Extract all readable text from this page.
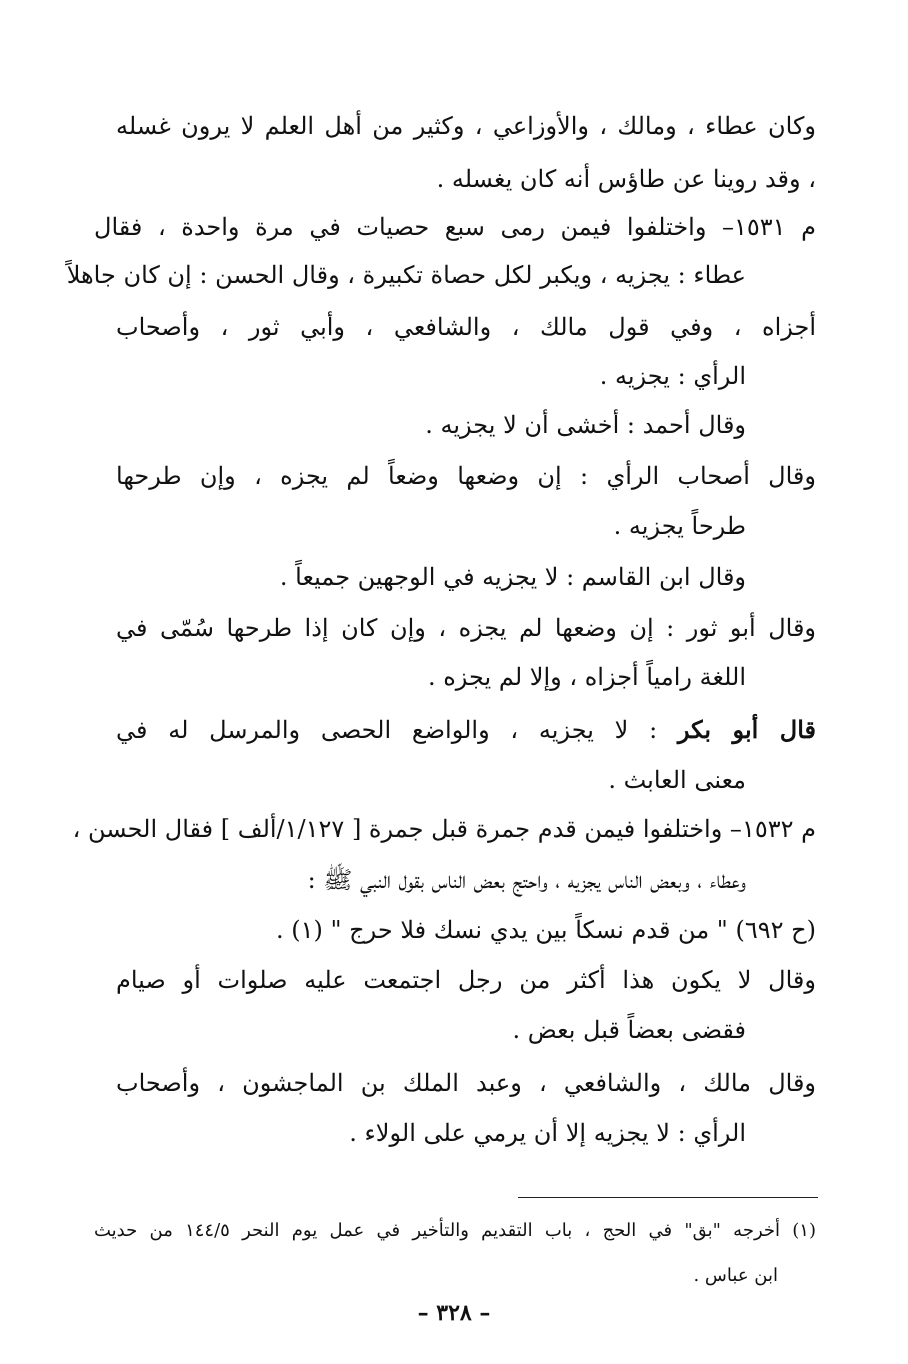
وكان عطاء ، ومالك ، والأوزاعي ، وكثير من أهل العلم لا يرون غسله
، وقد روينا عن طاؤس أنه كان يغسله .
م ١٥٣١– واختلفوا فيمن رمى سبع حصيات في مرة واحدة ، فقال
عطاء : يجزيه ، ويكبر لكل حصاة تكبيرة ، وقال الحسن : إن كان جاهلاً
أجزاه ، وفي قول مالك ، والشافعي ، وأبي ثور ، وأصحاب
الرأي : يجزيه .
وقال أحمد : أخشى أن لا يجزيه .
وقال أصحاب الرأي : إن وضعها وضعاً لم يجزه ، وإن طرحها
طرحاً يجزيه .
وقال ابن القاسم : لا يجزيه في الوجهين جميعاً .
وقال أبو ثور : إن وضعها لم يجزه ، وإن كان إذا طرحها سُمّى في
اللغة رامياً أجزاه ، وإلا لم يجزه .
قال أبو بكر : لا يجزيه ، والواضع الحصى والمرسل له في
معنى العابث .
م ١٥٣٢– واختلفوا فيمن قدم جمرة قبل جمرة [ ١/١٢٧/ألف ] فقال الحسن ،
وعطاء ، وبعض الناس يجزيه ، واحتج بعض الناس بقول النبي ﷺ :
(ح ٦٩٢) " من قدم نسكاً بين يدي نسك فلا حرج " (١) .
وقال لا يكون هذا أكثر من رجل اجتمعت عليه صلوات أو صيام
فقضى بعضاً قبل بعض .
وقال مالك ، والشافعي ، وعبد الملك بن الماجشون ، وأصحاب
الرأي : لا يجزيه إلا أن يرمي على الولاء .
(١) أخرجه "بق" في الحج ، باب التقديم والتأخير في عمل يوم النحر ١٤٤/٥ من حديث
ابن عباس .
– ٣٢٨ –
